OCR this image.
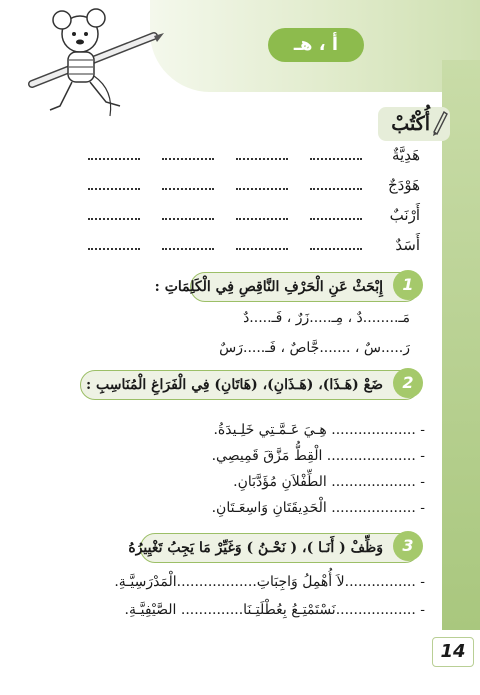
أ ، هـ
أُكْتُبْ
هَدِيَّةٌ
هَوْدَجٌ
أَرْنَبٌ
أَسَدٌ
1
إِبْحَثْ عَنِ الْحَرْفِ النَّاقِصِ فِي الْكَلِمَاتِ :
مَـ........دٌ ، مِـ.....زَرٌ ، فَـ.....دٌ
رَ.....سٌ ، .......جَّاصٌ ، فَـ.....رَسٌ
2
ضَعْ (هَـذَا)، (هَـذَانِ)، (هَاتَانِ) فِي الْفَرَاغِ الْمُنَاسِبِ :
- ................... هِـيَ عَـمَّـتِي خَلِـيدَةُ.
- .................... الْقِطُّ مَزَّقَ قَمِيصِي.
- ................... الطِّفْلاَنِ مُؤَدَّبَانِ.
- ................... الْحَدِيقَتَانِ وَاسِعَـتَانِ.
3
وَظِّفْ ( أَنَـا )، ( نَحْـنُ ) وَغَيِّرْ مَا يَجِبُ تَغْيِيرُهُ
- ................لاَ أُهْمِلُ وَاجِبَاتِ..................الْمَدْرَسِيَّـةِ.
- ..................نَسْتَمْتِـعُ بِعُطْلَتِـنَا.............. الصَّيْفِيَّـةِ.
14
